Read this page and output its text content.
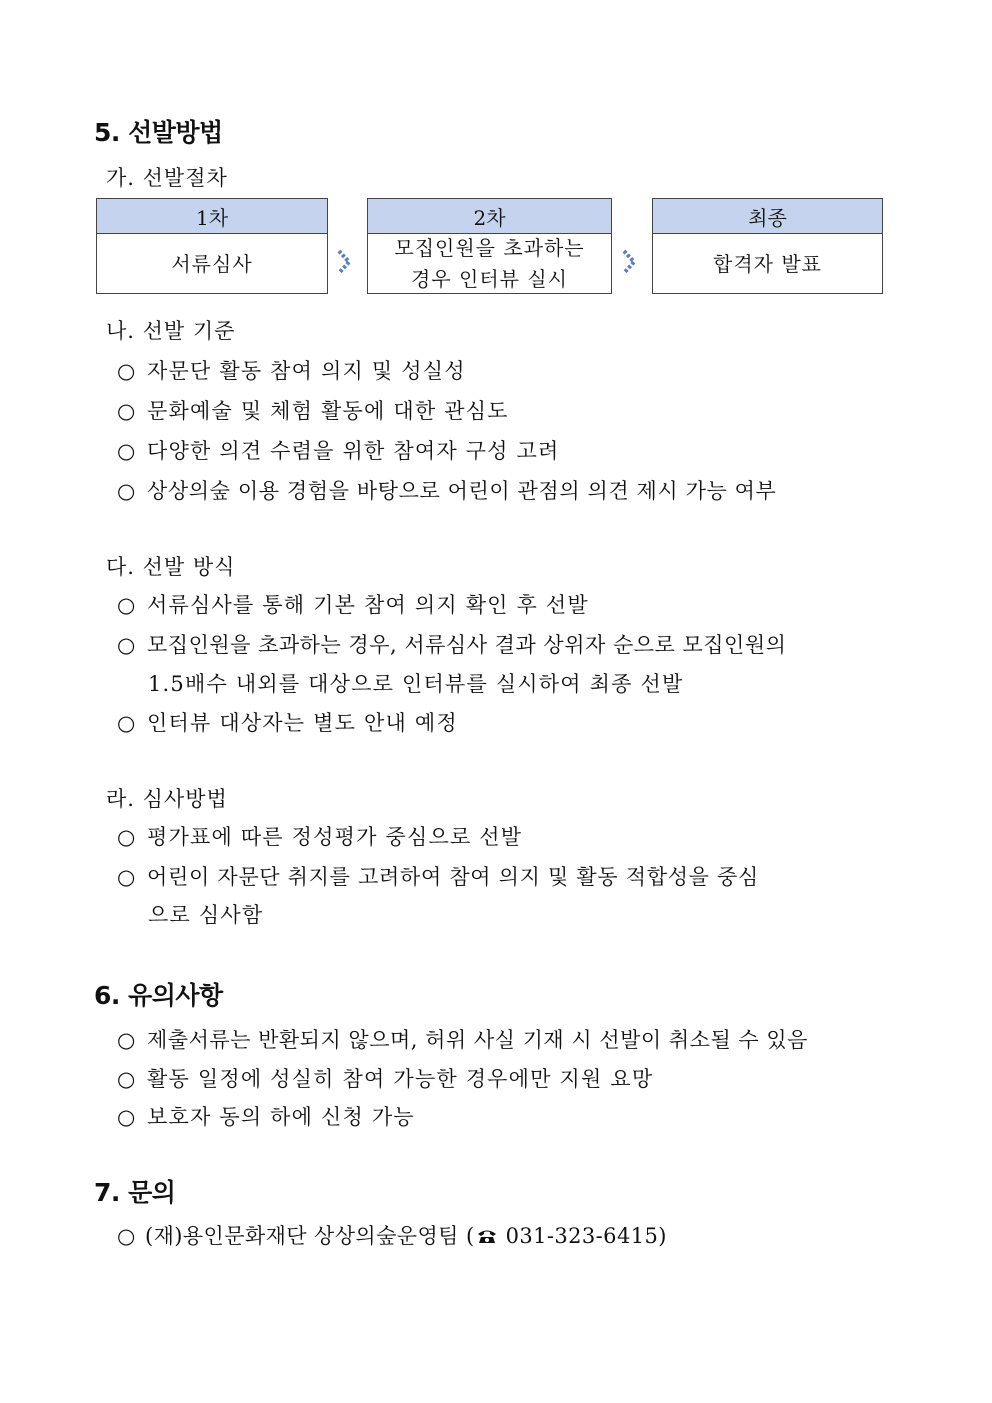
5. 선발방법
가. 선발절차
1차
서류심사
2차
모집인원을 초과하는
경우 인터뷰 실시
최종
합격자 발표
나. 선발 기준
○ 자문단 활동 참여 의지 및 성실성
○ 문화예술 및 체험 활동에 대한 관심도
○ 다양한 의견 수렴을 위한 참여자 구성 고려
○ 상상의숲 이용 경험을 바탕으로 어린이 관점의 의견 제시 가능 여부
다. 선발 방식
○ 서류심사를 통해 기본 참여 의지 확인 후 선발
○ 모집인원을 초과하는 경우, 서류심사 결과 상위자 순으로 모집인원의
1.5배수 내외를 대상으로 인터뷰를 실시하여 최종 선발
○ 인터뷰 대상자는 별도 안내 예정
라. 심사방법
○ 평가표에 따른 정성평가 중심으로 선발
○ 어린이 자문단 취지를 고려하여 참여 의지 및 활동 적합성을 중심
으로 심사함
6. 유의사항
○ 제출서류는 반환되지 않으며, 허위 사실 기재 시 선발이 취소될 수 있음
○ 활동 일정에 성실히 참여 가능한 경우에만 지원 요망
○ 보호자 동의 하에 신청 가능
7. 문의
○ (재)용인문화재단 상상의숲운영팀 ( 031-323-6415)
